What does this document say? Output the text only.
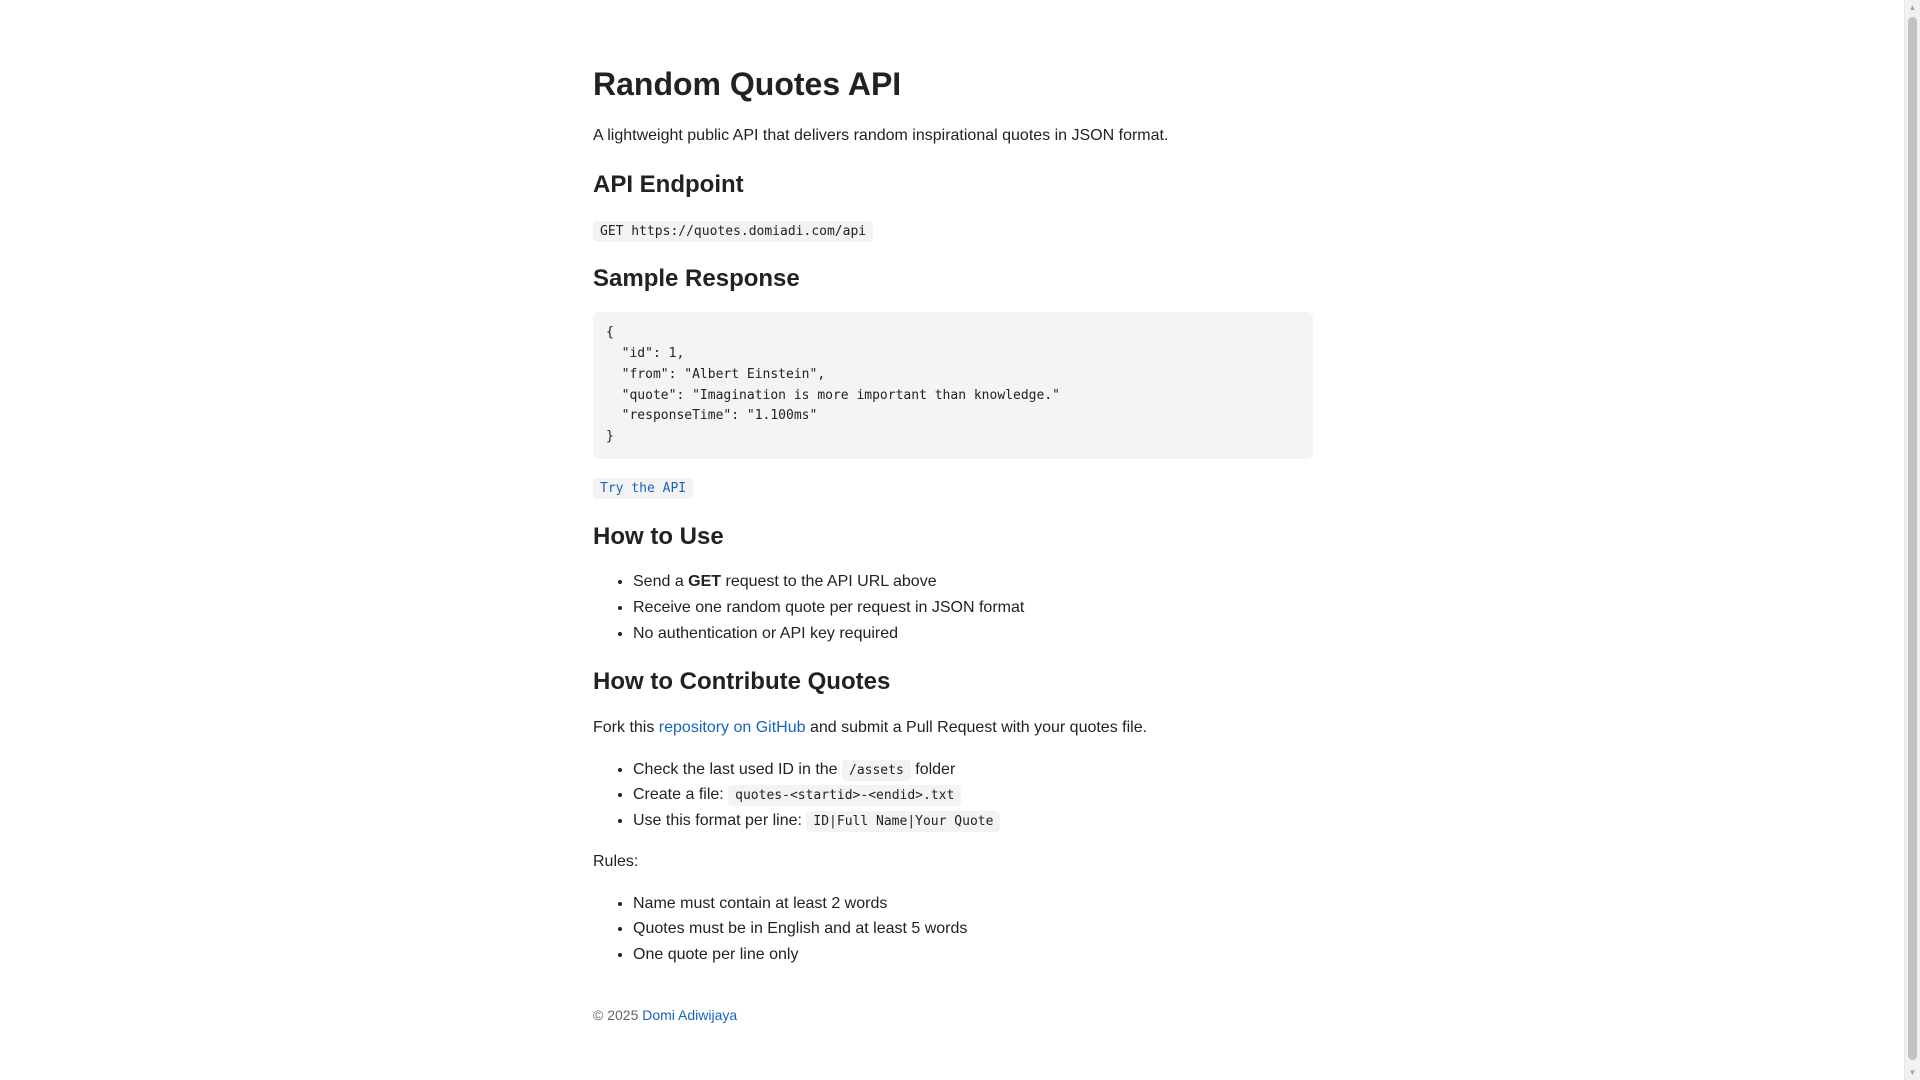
Random Quotes API

A lightweight public API that delivers random inspirational quotes in JSON format.

API Endpoint

GET https://quotes.domiadi.com/api

Sample Response
{
"id": 1,
"from": "Albert Einstein",
"quote": "Imagination is more important than knowledge."
"responseTime": "1.100ms"
}

Try the API

How to Use
• Send a GET request to the API URL above
• Receive one random quote per request in JSON format
• No authentication or API key required
How to Contribute Quotes

Fork this repository on GitHub and submit a Pull Request with your quotes file.

• Check the last used ID in the /assets folder
• Create a file: quotes-<startid>-<endid>.txt
• Use this format per line: ID|Full Name|Your Quote

Rules:

• Name must contain at least 2 words
• Quotes must be in English and at least 5 words
• One quote per line only
© 2025 Domi Adiwijaya
▲
▼
